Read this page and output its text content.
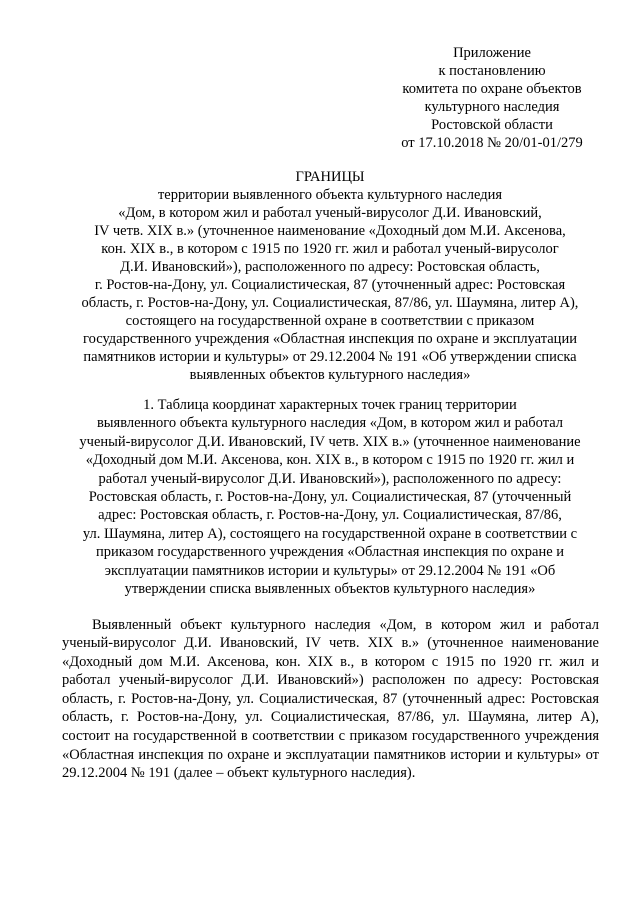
Приложение
к постановлению
комитета по охране объектов
культурного наследия
Ростовской области
от 17.10.2018 № 20/01-01/279
ГРАНИЦЫ
территории выявленного объекта культурного наследия
«Дом, в котором жил и работал ученый-вирусолог Д.И. Ивановский,
IV четв. XIX в.» (уточненное наименование «Доходный дом М.И. Аксенова,
кон. XIX в., в котором с 1915 по 1920 гг. жил и работал ученый-вирусолог
Д.И. Ивановский»), расположенного по адресу: Ростовская область,
г. Ростов-на-Дону, ул. Социалистическая, 87 (уточненный адрес: Ростовская
область, г. Ростов-на-Дону, ул. Социалистическая, 87/86, ул. Шаумяна, литер А),
состоящего на государственной охране в соответствии с приказом
государственного учреждения «Областная инспекция по охране и эксплуатации
памятников истории и культуры» от 29.12.2004 № 191 «Об утверждении списка
выявленных объектов культурного наследия»
1. Таблица координат характерных точек границ территории
выявленного объекта культурного наследия «Дом, в котором жил и работал
ученый-вирусолог Д.И. Ивановский, IV четв. XIX в.» (уточненное наименование
«Доходный дом М.И. Аксенова, кон. XIX в., в котором с 1915 по 1920 гг. жил и
работал ученый-вирусолог Д.И. Ивановский»), расположенного по адресу:
Ростовская область, г. Ростов-на-Дону, ул. Социалистическая, 87 (уточченный
адрес: Ростовская область, г. Ростов-на-Дону, ул. Социалистическая, 87/86,
ул. Шаумяна, литер А), состоящего на государственной охране в соответствии с
приказом государственного учреждения «Областная инспекция по охране и
эксплуатации памятников истории и культуры» от 29.12.2004 № 191 «Об
утверждении списка выявленных объектов культурного наследия»

Выявленный объект культурного наследия «Дом, в котором жил и работал ученый-вирусолог Д.И. Ивановский, IV четв. XIX в.» (уточненное наименование «Доходный дом М.И. Аксенова, кон. XIX в., в котором с 1915 по 1920 гг. жил и работал ученый-вирусолог Д.И. Ивановский») расположен по адресу: Ростовская область, г. Ростов-на-Дону, ул. Социалистическая, 87 (уточненный адрес: Ростовская область, г. Ростов-на-Дону, ул. Социалистическая, 87/86, ул. Шаумяна, литер А), состоит на государственной в соответствии с приказом государственного учреждения «Областная инспекция по охране и эксплуатации памятников истории и культуры» от 29.12.2004 № 191 (далее – объект культурного наследия).
